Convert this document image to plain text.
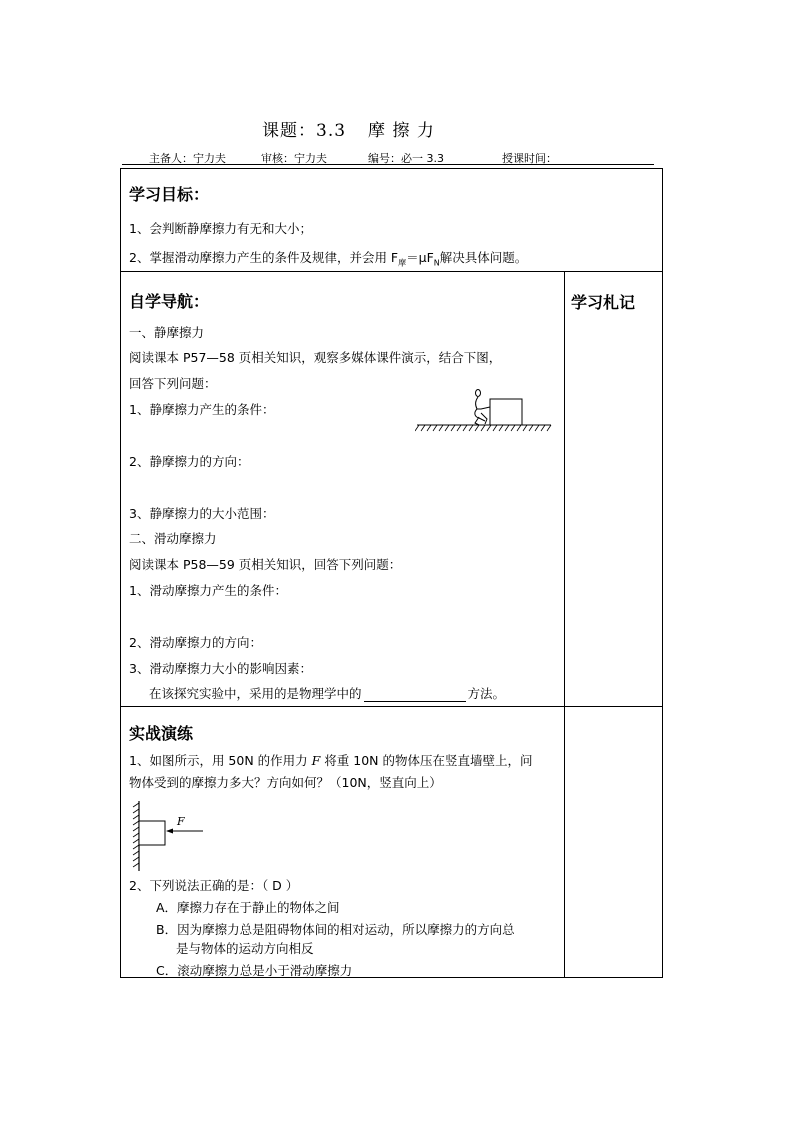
课题：3.3 摩 擦 力
主备人：宁力夫	审核：宁力夫	编号：必一 3.3	授课时间：
学习目标：
1、会判断静摩擦力有无和大小；
2、掌握滑动摩擦力产生的条件及规律，并会用 $F_摩=\mu F_N$解决具体问题。
自学导航：	学习札记
一、静摩擦力
阅读课本 P57—58 页相关知识，观察多媒体课件演示，结合下图，
回答下列问题：
1、静摩擦力产生的条件：
2、静摩擦力的方向：
3、静摩擦力的大小范围：
二、滑动摩擦力
阅读课本 P58—59 页相关知识，回答下列问题：
1、滑动摩擦力产生的条件：
2、滑动摩擦力的方向：
3、滑动摩擦力大小的影响因素：
在该探究实验中，采用的是物理学中的	方法。
实战演练
1、如图所示，用 50N 的作用力 F 将重 10N 的物体压在竖直墙壁上，问
物体受到的摩擦力多大？方向如何？（10N，竖直向上）
F
2、下列说法正确的是：（ D ）
A．摩擦力存在于静止的物体之间
B．因为摩擦力总是阻碍物体间的相对运动，所以摩擦力的方向总
是与物体的运动方向相反
C．滚动摩擦力总是小于滑动摩擦力
